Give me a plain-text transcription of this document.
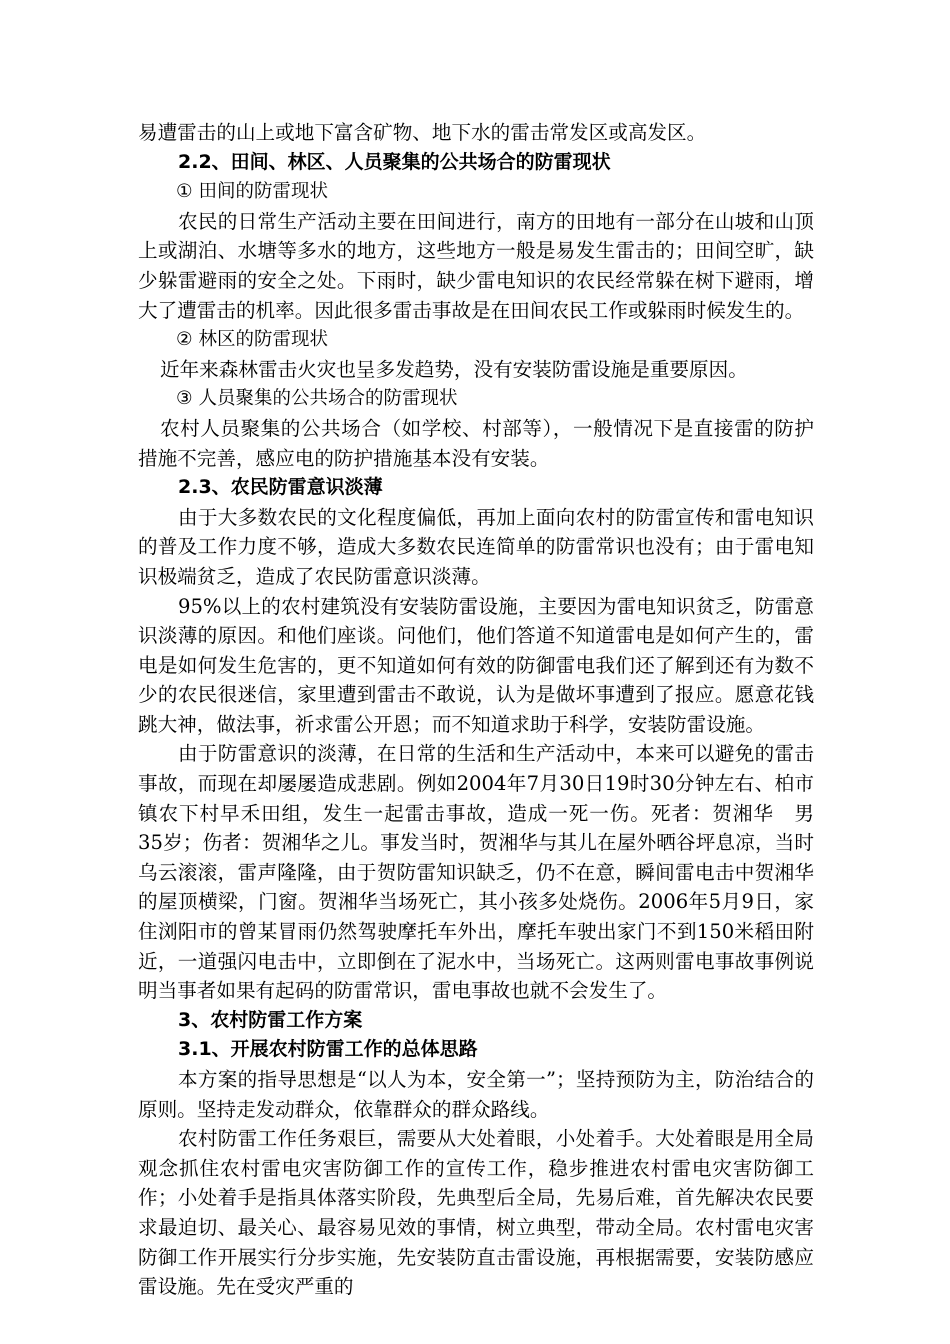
易遭雷击的山上或地下富含矿物、地下水的雷击常发区或高发区。

2.2、田间、林区、人员聚集的公共场合的防雷现状

① 田间的防雷现状

农民的日常生产活动主要在田间进行，南方的田地有一部分在山坡和山顶上或湖泊、水塘等多水的地方，这些地方一般是易发生雷击的；田间空旷，缺少躲雷避雨的安全之处。下雨时，缺少雷电知识的农民经常躲在树下避雨，增大了遭雷击的机率。因此很多雷击事故是在田间农民工作或躲雨时候发生的。

② 林区的防雷现状

近年来森林雷击火灾也呈多发趋势，没有安装防雷设施是重要原因。

③ 人员聚集的公共场合的防雷现状

农村人员聚集的公共场合（如学校、村部等），一般情况下是直接雷的防护措施不完善，感应电的防护措施基本没有安装。

2.3、农民防雷意识淡薄

由于大多数农民的文化程度偏低，再加上面向农村的防雷宣传和雷电知识的普及工作力度不够，造成大多数农民连简单的防雷常识也没有；由于雷电知识极端贫乏，造成了农民防雷意识淡薄。

95%以上的农村建筑没有安装防雷设施，主要因为雷电知识贫乏，防雷意识淡薄的原因。和他们座谈。问他们，他们答道不知道雷电是如何产生的，雷电是如何发生危害的，更不知道如何有效的防御雷电我们还了解到还有为数不少的农民很迷信，家里遭到雷击不敢说，认为是做坏事遭到了报应。愿意花钱跳大神，做法事，祈求雷公开恩；而不知道求助于科学，安装防雷设施。

由于防雷意识的淡薄，在日常的生活和生产活动中，本来可以避免的雷击事故，而现在却屡屡造成悲剧。例如2004年7月30日19时30分钟左右、柏市镇农下村早禾田组，发生一起雷击事故，造成一死一伤。死者：贺湘华　男　35岁；伤者：贺湘华之儿。事发当时，贺湘华与其儿在屋外晒谷坪息凉，当时乌云滚滚，雷声隆隆，由于贺防雷知识缺乏，仍不在意，瞬间雷电击中贺湘华的屋顶横梁，门窗。贺湘华当场死亡，其小孩多处烧伤。2006年5月9日，家住浏阳市的曾某冒雨仍然驾驶摩托车外出，摩托车驶出家门不到150米稻田附近，一道强闪电击中，立即倒在了泥水中，当场死亡。这两则雷电事故事例说明当事者如果有起码的防雷常识，雷电事故也就不会发生了。

3、农村防雷工作方案

3.1、开展农村防雷工作的总体思路

本方案的指导思想是“以人为本，安全第一”；坚持预防为主，防治结合的原则。坚持走发动群众，依靠群众的群众路线。

农村防雷工作任务艰巨，需要从大处着眼，小处着手。大处着眼是用全局观念抓住农村雷电灾害防御工作的宣传工作，稳步推进农村雷电灾害防御工作；小处着手是指具体落实阶段，先典型后全局，先易后难，首先解决农民要求最迫切、最关心、最容易见效的事情，树立典型，带动全局。农村雷电灾害防御工作开展实行分步实施，先安装防直击雷设施，再根据需要，安装防感应雷设施。先在受灾严重的
